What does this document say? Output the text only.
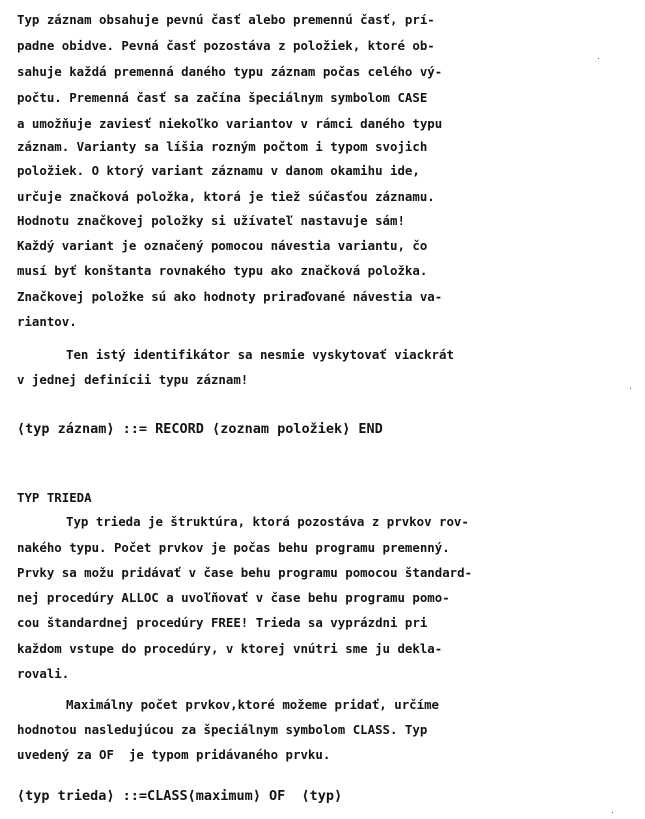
Typ záznam obsahuje pevnú časť alebo premennú časť, prí-
padne obidve. Pevná časť pozostáva z položiek, ktoré ob-
sahuje každá premenná daného typu záznam počas celého vý-
počtu. Premenná časť sa začína špeciálnym symbolom CASE
a umožňuje zaviesť niekoľko variantov v rámci daného typu
záznam. Varianty sa líšia rozným počtom i typom svojich
položiek. O ktorý variant záznamu v danom okamihu ide,
určuje značková položka, ktorá je tiež súčasťou záznamu.
Hodnotu značkovej položky si užívateľ nastavuje sám!
Každý variant je označený pomocou návestia variantu, čo
musí byť konštanta rovnakého typu ako značková položka.
Značkovej položke sú ako hodnoty priraďované návestia va-
riantov.
Ten istý identifikátor sa nesmie vyskytovať viackrát
v jednej definícii typu záznam!
⟨typ záznam⟩ ::= RECORD ⟨zoznam položiek⟩ END
TYP TRIEDA
Typ trieda je štruktúra, ktorá pozostáva z prvkov rov-
nakého typu. Počet prvkov je počas behu programu premenný.
Prvky sa možu pridávať v čase behu programu pomocou štandard-
nej procedúry ALLOC a uvoľňovať v čase behu programu pomo-
cou štandardnej procedúry FREE! Trieda sa vyprázdni pri
každom vstupe do procedúry, v ktorej vnútri sme ju dekla-
rovali.
Maximálny počet prvkov,ktoré možeme pridať, určíme
hodnotou nasledujúcou za špeciálnym symbolom CLASS. Typ
uvedený za OF  je typom pridávaného prvku.
⟨typ trieda⟩ ::=CLASS⟨maximum⟩ OF  ⟨typ⟩
